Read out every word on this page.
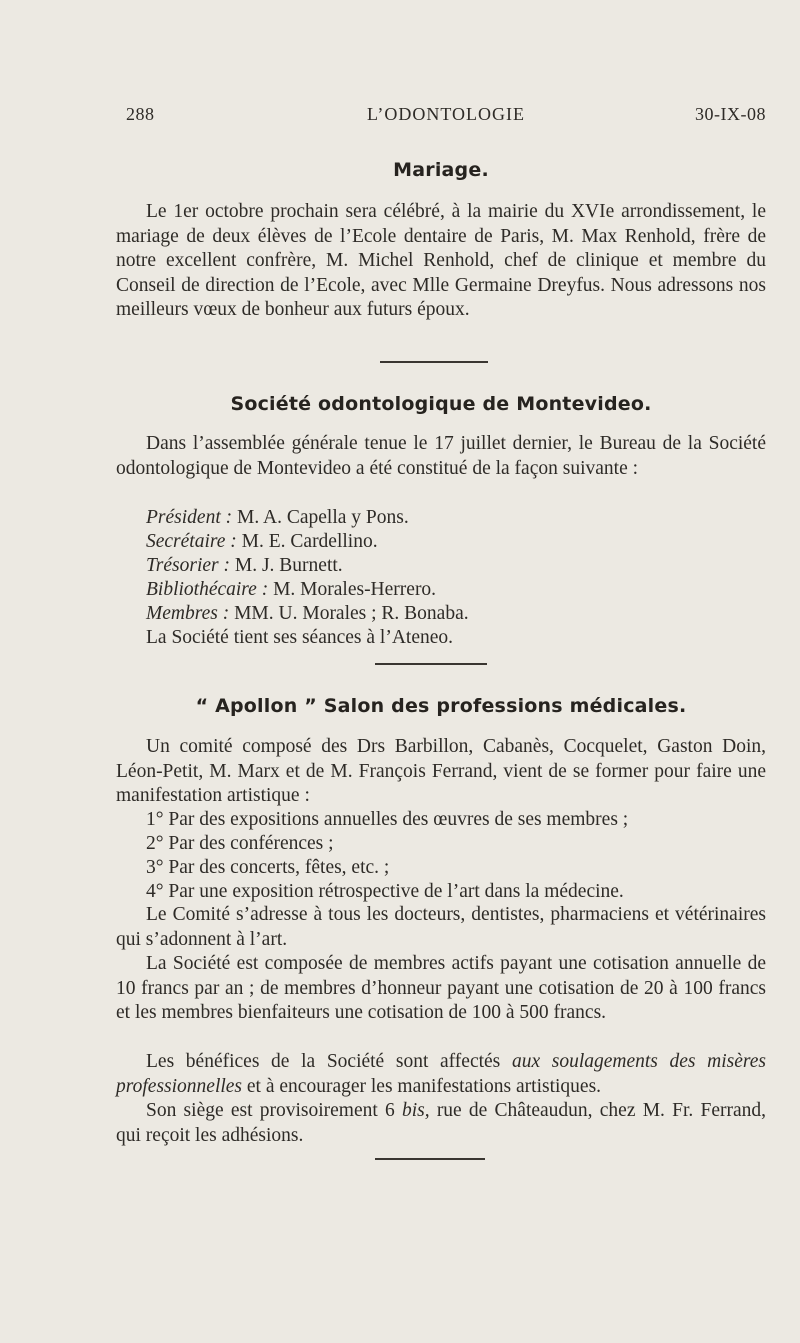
288	L’ODONTOLOGIE	30-IX-08
Mariage.

Le 1er octobre prochain sera célébré, à la mairie du XVIe arrondissement, le mariage de deux élèves de l’Ecole dentaire de Paris, M. Max Renhold, frère de notre excellent confrère, M. Michel Renhold, chef de clinique et membre du Conseil de direction de l’Ecole, avec Mlle Germaine Dreyfus. Nous adressons nos meilleurs vœux de bonheur aux futurs époux.

Société odontologique de Montevideo.

Dans l’assemblée générale tenue le 17 juillet dernier, le Bureau de la Société odontologique de Montevideo a été constitué de la façon suivante :

Président : M. A. Capella y Pons.
Secrétaire : M. E. Cardellino.
Trésorier : M. J. Burnett.
Bibliothécaire : M. Morales-Herrero.
Membres : MM. U. Morales ; R. Bonaba.
La Société tient ses séances à l’Ateneo.
“ Apollon ” Salon des professions médicales.

Un comité composé des Drs Barbillon, Cabanès, Cocquelet, Gaston Doin, Léon-Petit, M. Marx et de M. François Ferrand, vient de se former pour faire une manifestation artistique :

1° Par des expositions annuelles des œuvres de ses membres ;
2° Par des conférences ;
3° Par des concerts, fêtes, etc. ;
4° Par une exposition rétrospective de l’art dans la médecine.

Le Comité s’adresse à tous les docteurs, dentistes, pharmaciens et vétérinaires qui s’adonnent à l’art.

La Société est composée de membres actifs payant une cotisation annuelle de 10 francs par an ; de membres d’honneur payant une cotisation de 20 à 100 francs et les membres bienfaiteurs une cotisation de 100 à 500 francs.

Les bénéfices de la Société sont affectés aux soulagements des misères professionnelles et à encourager les manifestations artistiques.

Son siège est provisoirement 6 bis, rue de Châteaudun, chez M. Fr. Ferrand, qui reçoit les adhésions.
